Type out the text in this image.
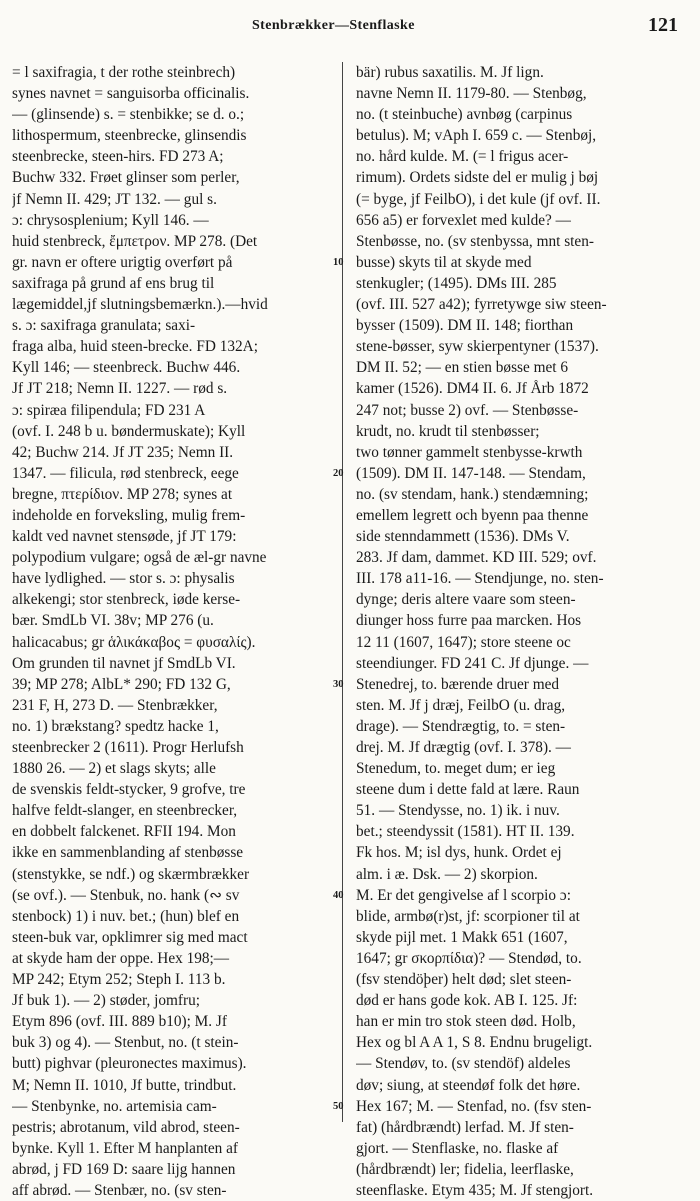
Stenbrækker—Stenflaske	121
= l saxifragia, t der rothe steinbrech)
synes navnet = sanguisorba officinalis.
— (glinsende) s. = stenbikke; se d. o.;
lithospermum, steenbrecke, glinsendis
steenbrecke, steen-hirs. FD 273 A;
Buchw 332. Frøet glinser som perler,
jf Nemn II. 429; JT 132. — gul s.
ɔ: chrysosplenium; Kyll 146. —
huid stenbreck, ἔμπετρον. MP 278. (Det
gr. navn er oftere urigtig overført på
saxifraga på grund af ens brug til
lægemiddel,jf slutningsbemærkn.).—hvid
s. ɔ: saxifraga granulata; saxi-
fraga alba, huid steen-brecke. FD 132A;
Kyll 146; — steenbreck. Buchw 446.
Jf JT 218; Nemn II. 1227. — rød s.
ɔ: spiræa filipendula; FD 231 A
(ovf. I. 248 b u. bøndermuskate); Kyll
42; Buchw 214. Jf JT 235; Nemn II.
1347. — filicula, rød stenbreck, eege
bregne, πτερίδιον. MP 278; synes at
indeholde en forveksling, mulig frem-
kaldt ved navnet stensøde, jf JT 179:
polypodium vulgare; også de æl-gr navne
have lydlighed. — stor s. ɔ: physalis
alkekengi; stor stenbreck, iøde kerse-
bær. SmdLb VI. 38v; MP 276 (u.
halicacabus; gr ἁλικάκαβος = φυσαλίς).
Om grunden til navnet jf SmdLb VI.
39; MP 278; AlbL* 290; FD 132 G,
231 F, H, 273 D. — Stenbrækker,
no. 1) brækstang? spedtz hacke 1,
steenbrecker 2 (1611). Progr Herlufsh
1880 26. — 2) et slags skyts; alle
de svenskis feldt-stycker, 9 grofve, tre
halfve feldt-slanger, en steenbrecker,
en dobbelt falckenet. RFII 194. Mon
ikke en sammenblanding af stenbøsse
(stenstykke, se ndf.) og skærmbrækker
(se ovf.). — Stenbuk, no. hank (∾ sv
stenbock) 1) i nuv. bet.; (hun) blef en
steen-buk var, opklimrer sig med mact
at skyde ham der oppe. Hex 198;—
MP 242; Etym 252; Steph I. 113 b.
Jf buk 1). — 2) støder, jomfru;
Etym 896 (ovf. III. 889 b10); M. Jf
buk 3) og 4). — Stenbut, no. (t stein-
butt) pighvar (pleuronectes maximus).
M; Nemn II. 1010, Jf butte, trindbut.
— Stenbynke, no. artemisia cam-
pestris; abrotanum, vild abrod, steen-
bynke. Kyll 1. Efter M hanplanten af
abrød, j FD 169 D: saare lijg hannen
aff abrød. — Stenbær, no. (sv sten-
10
20
30
40
50
bär) rubus saxatilis. M. Jf lign.
navne Nemn II. 1179-80. — Stenbøg,
no. (t steinbuche) avnbøg (carpinus
betulus). M; vAph I. 659 c. — Stenbøj,
no. hård kulde. M. (= l frigus acer-
rimum). Ordets sidste del er mulig j bøj
(= byge, jf FeilbO), i det kule (jf ovf. II.
656 a5) er forvexlet med kulde? —
Stenbøsse, no. (sv stenbyssa, mnt sten-
busse) skyts til at skyde med
stenkugler; (1495). DMs III. 285
(ovf. III. 527 a42); fyrretywge siw steen-
bysser (1509). DM II. 148; fiorthan
stene-bøsser, syw skierpentyner (1537).
DM II. 52; — en stien bøsse met 6
kamer (1526). DM4 II. 6. Jf Årb 1872
247 not; busse 2) ovf. — Stenbøsse-
krudt, no. krudt til stenbøsser;
two tønner gammelt stenbysse-krwth
(1509). DM II. 147-148. — Stendam,
no. (sv stendam, hank.) stendæmning;
emellem legrett och byenn paa thenne
side stenndammett (1536). DMs V.
283. Jf dam, dammet. KD III. 529; ovf.
III. 178 a11-16. — Stendjunge, no. sten-
dynge; deris altere vaare som steen-
diunger hoss furre paa marcken. Hos
12 11 (1607, 1647); store steene oc
steendiunger. FD 241 C. Jf djunge. —
Stenedrej, to. bærende druer med
sten. M. Jf j dræj, FeilbO (u. drag,
drage). — Stendrægtig, to. = sten-
drej. M. Jf drægtig (ovf. I. 378). —
Stenedum, to. meget dum; er ieg
steene dum i dette fald at lære. Raun
51. — Stendysse, no. 1) ik. i nuv.
bet.; steendyssit (1581). HT II. 139.
Fk hos. M; isl dys, hunk. Ordet ej
alm. i æ. Dsk. — 2) skorpion.
M. Er det gengivelse af l scorpio ɔ:
blide, armbø(r)st, jf: scorpioner til at
skyde pijl met. 1 Makk 651 (1607,
1647; gr σκορπίδια)? — Stendød, to.
(fsv stendöþer) helt død; slet steen-
død er hans gode kok. AB I. 125. Jf:
han er min tro stok steen død. Holb,
Hex og bl A A 1, S 8. Endnu brugeligt.
— Stendøv, to. (sv stendöf) aldeles
døv; siung, at steendøf folk det høre.
Hex 167; M. — Stenfad, no. (fsv sten-
fat) (hårdbrændt) lerfad. M. Jf sten-
gjort. — Stenflaske, no. flaske af
(hårdbrændt) ler; fidelia, leerflaske,
steenflaske. Etym 435; M. Jf stengjort.
